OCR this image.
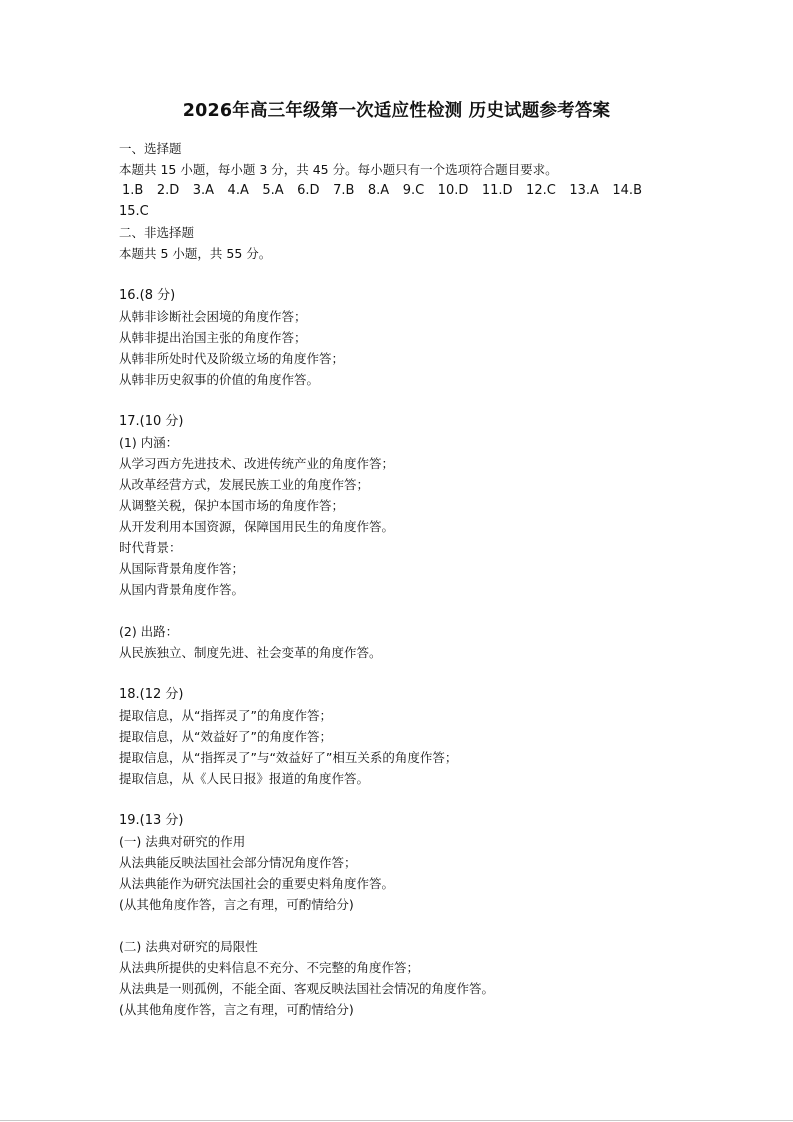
2026年高三年级第一次适应性检测 历史试题参考答案
一、选择题
本题共 15 小题，每小题 3 分，共 45 分。每小题只有一个选项符合题目要求。
1.B 2.D 3.A 4.A 5.A 6.D 7.B 8.A 9.C 10.D 11.D 12.C 13.A 14.B
15.C
二、非选择题
本题共 5 小题，共 55 分。
16.(8 分)
从韩非诊断社会困境的角度作答；
从韩非提出治国主张的角度作答；
从韩非所处时代及阶级立场的角度作答；
从韩非历史叙事的价值的角度作答。
17.(10 分)
(1) 内涵：
从学习西方先进技术、改进传统产业的角度作答；
从改革经营方式，发展民族工业的角度作答；
从调整关税，保护本国市场的角度作答；
从开发利用本国资源，保障国用民生的角度作答。
时代背景：
从国际背景角度作答；
从国内背景角度作答。
(2) 出路：
从民族独立、制度先进、社会变革的角度作答。
18.(12 分)
提取信息，从“指挥灵了”的角度作答；
提取信息，从“效益好了”的角度作答；
提取信息，从“指挥灵了”与“效益好了”相互关系的角度作答；
提取信息，从《人民日报》报道的角度作答。
19.(13 分)
(一) 法典对研究的作用
从法典能反映法国社会部分情况角度作答；
从法典能作为研究法国社会的重要史料角度作答。
(从其他角度作答，言之有理，可酌情给分)
(二) 法典对研究的局限性
从法典所提供的史料信息不充分、不完整的角度作答；
从法典是一则孤例，不能全面、客观反映法国社会情况的角度作答。
(从其他角度作答，言之有理，可酌情给分)
